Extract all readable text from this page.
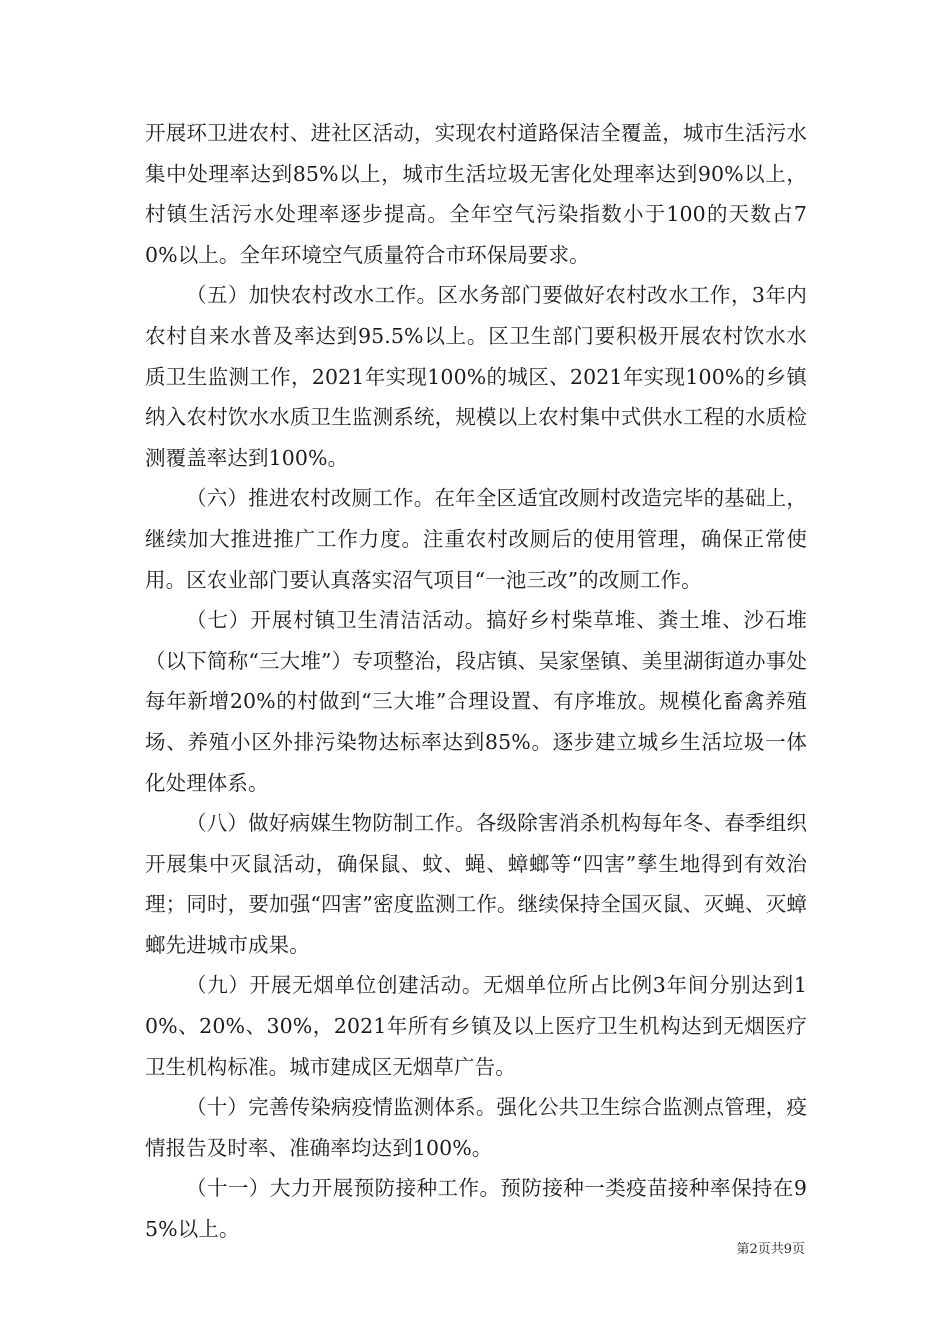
开展环卫进农村、进社区活动，实现农村道路保洁全覆盖，城市生活污水集中处理率达到85%以上，城市生活垃圾无害化处理率达到90%以上，村镇生活污水处理率逐步提高。全年空气污染指数小于100的天数占70%以上。全年环境空气质量符合市环保局要求。

（五）加快农村改水工作。区水务部门要做好农村改水工作，3年内农村自来水普及率达到95.5%以上。区卫生部门要积极开展农村饮水水质卫生监测工作，2021年实现100%的城区、2021年实现100%的乡镇纳入农村饮水水质卫生监测系统，规模以上农村集中式供水工程的水质检测覆盖率达到100%。

（六）推进农村改厕工作。在年全区适宜改厕村改造完毕的基础上，继续加大推进推广工作力度。注重农村改厕后的使用管理，确保正常使用。区农业部门要认真落实沼气项目“一池三改”的改厕工作。

（七）开展村镇卫生清洁活动。搞好乡村柴草堆、粪土堆、沙石堆（以下简称“三大堆”）专项整治，段店镇、吴家堡镇、美里湖街道办事处每年新增20%的村做到“三大堆”合理设置、有序堆放。规模化畜禽养殖场、养殖小区外排污染物达标率达到85%。逐步建立城乡生活垃圾一体化处理体系。

（八）做好病媒生物防制工作。各级除害消杀机构每年冬、春季组织开展集中灭鼠活动，确保鼠、蚊、蝇、蟑螂等“四害”孳生地得到有效治理；同时，要加强“四害”密度监测工作。继续保持全国灭鼠、灭蝇、灭蟑螂先进城市成果。

（九）开展无烟单位创建活动。无烟单位所占比例3年间分别达到10%、20%、30%，2021年所有乡镇及以上医疗卫生机构达到无烟医疗卫生机构标准。城市建成区无烟草广告。

（十）完善传染病疫情监测体系。强化公共卫生综合监测点管理，疫情报告及时率、准确率均达到100%。

（十一）大力开展预防接种工作。预防接种一类疫苗接种率保持在95%以上。

第2页共9页
